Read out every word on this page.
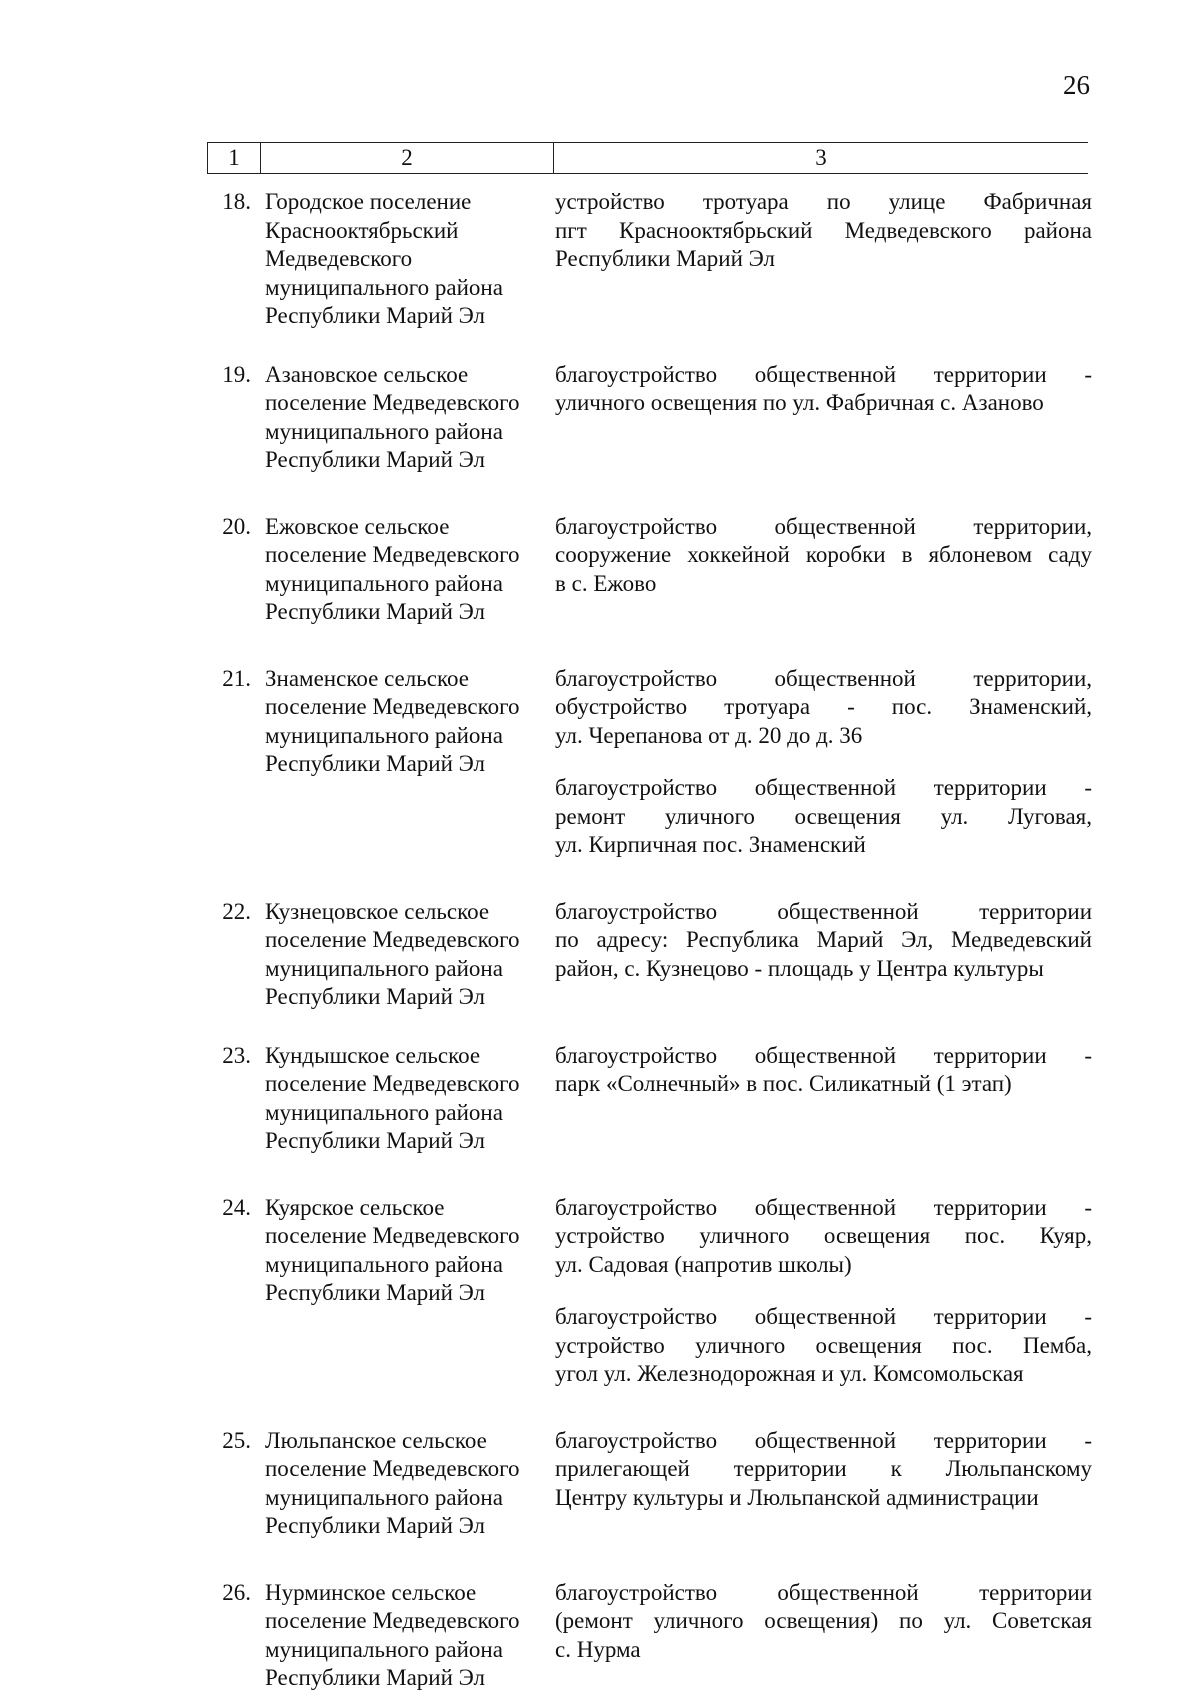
26
1	2	3
18. Городское поселение
Краснооктябрьский
Медведевского
муниципального района
Республики Марий Эл
устройство тротуара по улице Фабричная
пгт Краснооктябрьский Медведевского района
Республики Марий Эл
19. Азановское сельское
поселение Медведевского
муниципального района
Республики Марий Эл
благоустройство общественной территории -
уличного освещения по ул. Фабричная с. Азаново
20. Ежовское сельское
поселение Медведевского
муниципального района
Республики Марий Эл
благоустройство общественной территории,
сооружение хоккейной коробки в яблоневом саду
в с. Ежово
21. Знаменское сельское
поселение Медведевского
муниципального района
Республики Марий Эл
благоустройство общественной территории,
обустройство тротуара - пос. Знаменский,
ул. Черепанова от д. 20 до д. 36
благоустройство общественной территории -
ремонт уличного освещения ул. Луговая,
ул. Кирпичная пос. Знаменский
22. Кузнецовское сельское
поселение Медведевского
муниципального района
Республики Марий Эл
благоустройство общественной территории
по адресу: Республика Марий Эл, Медведевский
район, с. Кузнецово - площадь у Центра культуры
23. Кундышское сельское
поселение Медведевского
муниципального района
Республики Марий Эл
благоустройство общественной территории -
парк «Солнечный» в пос. Силикатный (1 этап)
24. Куярское сельское
поселение Медведевского
муниципального района
Республики Марий Эл
благоустройство общественной территории -
устройство уличного освещения пос. Куяр,
ул. Садовая (напротив школы)
благоустройство общественной территории -
устройство уличного освещения пос. Пемба,
угол ул. Железнодорожная и ул. Комсомольская
25. Люльпанское сельское
поселение Медведевского
муниципального района
Республики Марий Эл
благоустройство общественной территории -
прилегающей территории к Люльпанскому
Центру культуры и Люльпанской администрации
26. Нурминское сельское
поселение Медведевского
муниципального района
Республики Марий Эл
благоустройство общественной территории
(ремонт уличного освещения) по ул. Советская
с. Нурма
